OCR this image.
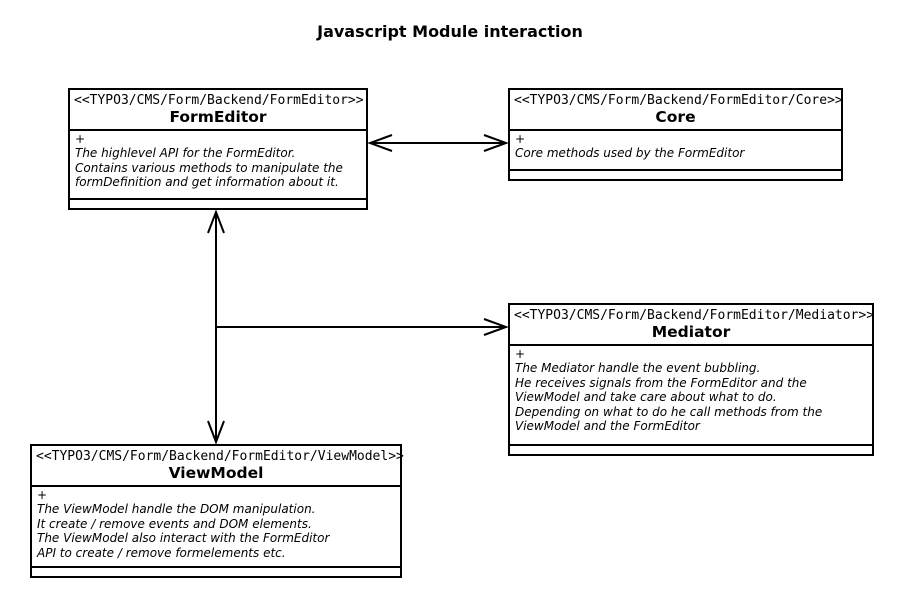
Javascript Module interaction
<<TYPO3/CMS/Form/Backend/FormEditor>>
FormEditor
+
The highlevel API for the FormEditor.
Contains various methods to manipulate the
formDefinition and get information about it.
<<TYPO3/CMS/Form/Backend/FormEditor/Core>>
Core
+
Core methods used by the FormEditor
<<TYPO3/CMS/Form/Backend/FormEditor/Mediator>>
Mediator
+
The Mediator handle the event bubbling.
He receives signals from the FormEditor and the
ViewModel and take care about what to do.
Depending on what to do he call methods from the
ViewModel and the FormEditor
<<TYPO3/CMS/Form/Backend/FormEditor/ViewModel>>
ViewModel
+
The ViewModel handle the DOM manipulation.
It create / remove events and DOM elements.
The ViewModel also interact with the FormEditor
API to create / remove formelements etc.
